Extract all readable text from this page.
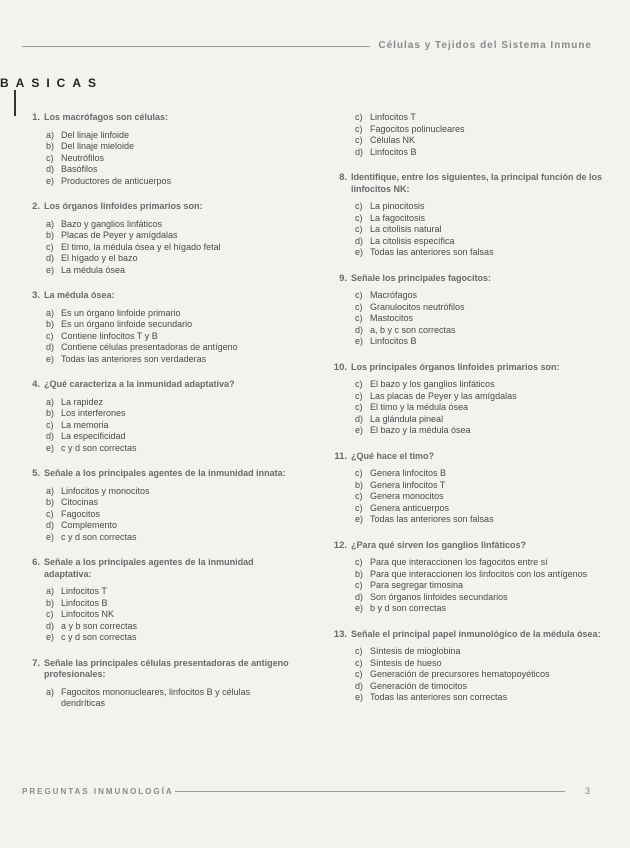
Células y Tejidos del Sistema Inmune
BASICAS
1. Los macrófagos son células:
a) Del linaje linfoide
b) Del linaje mieloide
c) Neutrófilos
d) Basófilos
e) Productores de anticuerpos
2. Los órganos linfoides primarios son:
a) Bazo y ganglios linfáticos
b) Placas de Peyer y amígdalas
c) El timo, la médula ósea y el hígado fetal
d) El hígado y el bazo
e) La médula ósea
3. La médula ósea:
a) Es un órgano linfoide primario
b) Es un órgano linfoide secundario
c) Contiene linfocitos T y B
d) Contiene células presentadoras de antígeno
e) Todas las anteriores son verdaderas
4. ¿Qué caracteriza a la inmunidad adaptativa?
a) La rapidez
b) Los interferones
c) La memoria
d) La especificidad
e) c y d son correctas
5. Señale a los principales agentes de la inmunidad innata:
a) Linfocitos y monocitos
b) Citocinas
c) Fagocitos
d) Complemento
e) c y d son correctas
6. Señale a los principales agentes de la inmunidad adaptativa:
a) Linfocitos T
b) Linfocitos B
c) Linfocitos NK
d) a y b son correctas
e) c y d son correctas
7. Señale las principales células presentadoras de antígeno profesionales:
a) Fagocitos mononucleares, linfocitos B y células dendríticas
c) Linfocitos T
c) Fagocitos polinucleares
c) Células NK
d) Linfocitos B
8. Identifique, entre los siguientes, la principal función de los linfocitos NK:
c) La pinocitosis
c) La fagocitosis
c) La citolisis natural
d) La citolisis específica
e) Todas las anteriores son falsas
9. Señale los principales fagocitos:
c) Macrófagos
c) Granulocitos neutrófilos
c) Mastocitos
d) a, b y c son correctas
e) Linfocitos B
10. Los principales órganos linfoides primarios son:
c) El bazo y los ganglios linfáticos
c) Las placas de Peyer y las amígdalas
c) El timo y la médula ósea
d) La glándula pineal
e) El bazo y la médula ósea
11. ¿Qué hace el timo?
c) Genera linfocitos B
b) Genera linfocitos T
c) Genera monocitos
c) Genera anticuerpos
e) Todas las anteriores son falsas
12. ¿Para qué sirven los ganglios linfáticos?
c) Para que interaccionen los fagocitos entre sí
b) Para que interaccionen los linfocitos con los antígenos
c) Para segregar timosina
d) Son órganos linfoides secundarios
e) b y d son correctas
13. Señale el principal papel inmunológico de la médula ósea:
c) Síntesis de mioglobina
c) Síntesis de hueso
c) Generación de precursores hematopoyéticos
d) Generación de timocitos
e) Todas las anteriores son correctas
PREGUNTAS INMUNOLOGÍA	3
